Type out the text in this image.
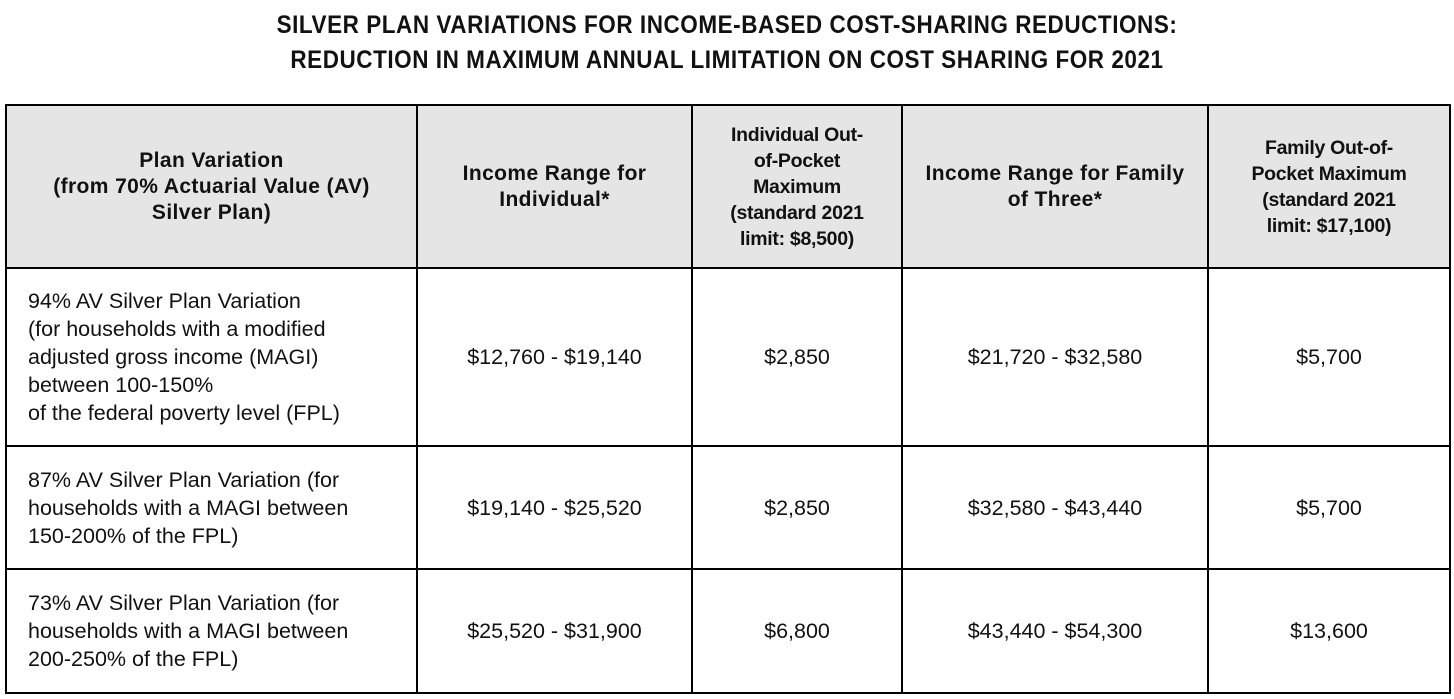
SILVER PLAN VARIATIONS FOR INCOME-BASED COST-SHARING REDUCTIONS:
REDUCTION IN MAXIMUM ANNUAL LIMITATION ON COST SHARING FOR 2021
Plan Variation
(from 70% Actuarial Value (AV)
Silver Plan)	Income Range for
Individual*	Individual Out-
of-Pocket
Maximum
(standard 2021
limit: $8,500)	Income Range for Family
of Three*	Family Out-of-
Pocket Maximum
(standard 2021
limit: $17,100)

94% AV Silver Plan Variation
(for households with a modified
adjusted gross income (MAGI)
between 100-150%
of the federal poverty level (FPL)	$12,760 - $19,140	$2,850	$21,720 - $32,580	$5,700

87% AV Silver Plan Variation (for
households with a MAGI between
150-200% of the FPL)	$19,140 - $25,520	$2,850	$32,580 - $43,440	$5,700

73% AV Silver Plan Variation (for
households with a MAGI between
200-250% of the FPL)	$25,520 - $31,900	$6,800	$43,440 - $54,300	$13,600
